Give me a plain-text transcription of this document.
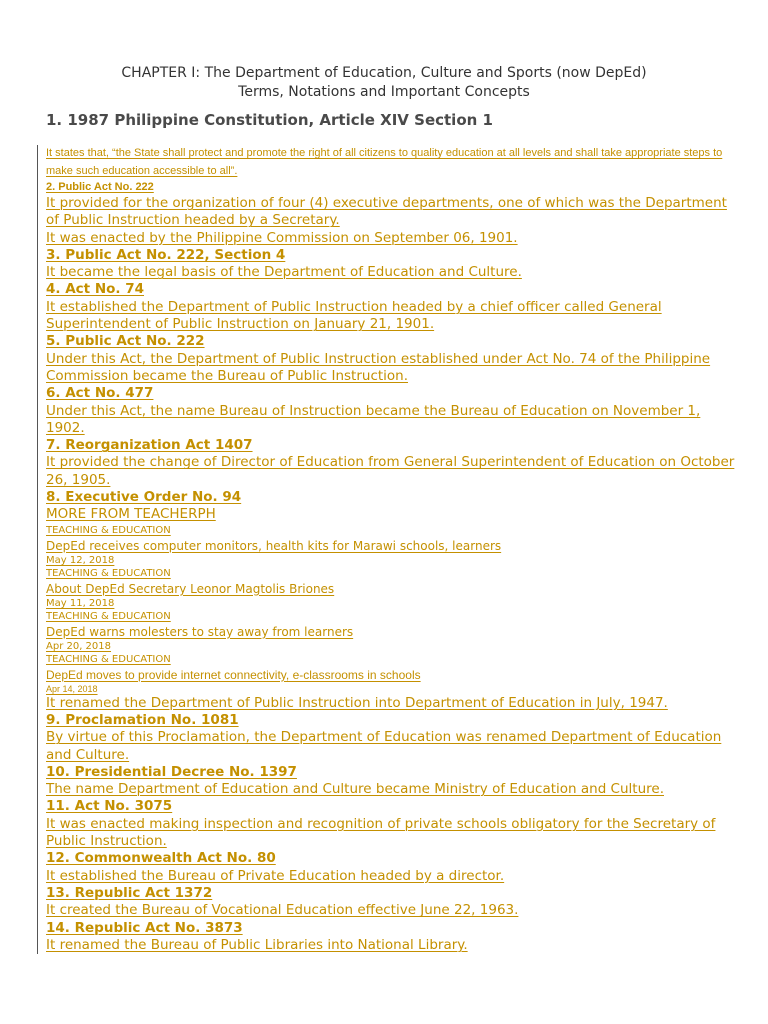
CHAPTER I: The Department of Education, Culture and Sports (now DepEd)
Terms, Notations and Important Concepts
1. 1987 Philippine Constitution, Article XIV Section 1
It states that, “the State shall protect and promote the right of all citizens to quality education at all levels and shall take appropriate steps to make such education accessible to all”.
2. Public Act No. 222
It provided for the organization of four (4) executive departments, one of which was the Department of Public Instruction headed by a Secretary.
It was enacted by the Philippine Commission on September 06, 1901.
3. Public Act No. 222, Section 4
It became the legal basis of the Department of Education and Culture.
4. Act No. 74
It established the Department of Public Instruction headed by a chief officer called General Superintendent of Public Instruction on January 21, 1901.
5. Public Act No. 222
Under this Act, the Department of Public Instruction established under Act No. 74 of the Philippine Commission became the Bureau of Public Instruction.
6. Act No. 477
Under this Act, the name Bureau of Instruction became the Bureau of Education on November 1, 1902.
7. Reorganization Act 1407
It provided the change of Director of Education from General Superintendent of Education on October 26, 1905.
8. Executive Order No. 94
MORE FROM TEACHERPH
TEACHING & EDUCATION
DepEd receives computer monitors, health kits for Marawi schools, learners
May 12, 2018
TEACHING & EDUCATION
About DepEd Secretary Leonor Magtolis Briones
May 11, 2018
TEACHING & EDUCATION
DepEd warns molesters to stay away from learners
Apr 20, 2018
TEACHING & EDUCATION
DepEd moves to provide internet connectivity, e-classrooms in schools
Apr 14, 2018
It renamed the Department of Public Instruction into Department of Education in July, 1947.
9. Proclamation No. 1081
By virtue of this Proclamation, the Department of Education was renamed Department of Education and Culture.
10. Presidential Decree No. 1397
The name Department of Education and Culture became Ministry of Education and Culture.
11. Act No. 3075
It was enacted making inspection and recognition of private schools obligatory for the Secretary of Public Instruction.
12. Commonwealth Act No. 80
It established the Bureau of Private Education headed by a director.
13. Republic Act 1372
It created the Bureau of Vocational Education effective June 22, 1963.
14. Republic Act No. 3873
It renamed the Bureau of Public Libraries into National Library.
